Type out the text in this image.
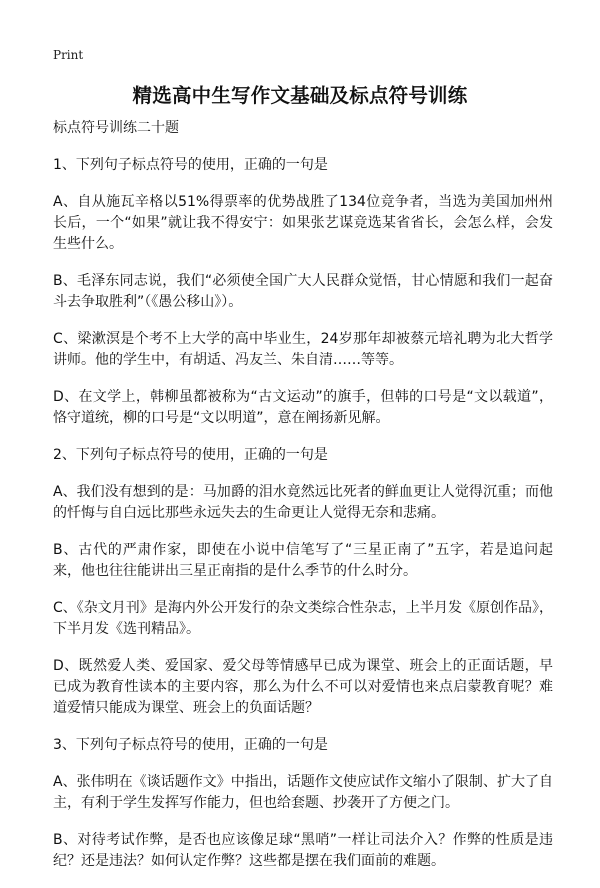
Print
精选高中生写作文基础及标点符号训练

标点符号训练二十题

1、下列句子标点符号的使用，正确的一句是

A、自从施瓦辛格以51%得票率的优势战胜了134位竞争者，当选为美国加州州长后，一个“如果”就让我不得安宁：如果张艺谋竞选某省省长，会怎么样，会发生些什么。

B、毛泽东同志说，我们“必须使全国广大人民群众觉悟，甘心情愿和我们一起奋斗去争取胜利”（《愚公移山》）。

C、梁漱溟是个考不上大学的高中毕业生，24岁那年却被蔡元培礼聘为北大哲学讲师。他的学生中，有胡适、冯友兰、朱自清……等等。

D、在文学上，韩柳虽都被称为“古文运动”的旗手，但韩的口号是“文以载道”，恪守道统，柳的口号是“文以明道”，意在阐扬新见解。

2、下列句子标点符号的使用，正确的一句是

A、我们没有想到的是：马加爵的泪水竟然远比死者的鲜血更让人觉得沉重；而他的忏悔与自白远比那些永远失去的生命更让人觉得无奈和悲痛。

B、古代的严肃作家，即使在小说中信笔写了“三星正南了”五字，若是追问起来，他也往往能讲出三星正南指的是什么季节的什么时分。

C、《杂文月刊》是海内外公开发行的杂文类综合性杂志，上半月发《原创作品》，下半月发《选刊精品》。

D、既然爱人类、爱国家、爱父母等情感早已成为课堂、班会上的正面话题，早已成为教育性读本的主要内容，那么为什么不可以对爱情也来点启蒙教育呢？难道爱情只能成为课堂、班会上的负面话题？

3、下列句子标点符号的使用，正确的一句是

A、张伟明在《谈话题作文》中指出，话题作文使应试作文缩小了限制、扩大了自主，有利于学生发挥写作能力，但也给套题、抄袭开了方便之门。

B、对待考试作弊，是否也应该像足球“黑哨”一样让司法介入？作弊的性质是违纪？还是违法？如何认定作弊？这些都是摆在我们面前的难题。
